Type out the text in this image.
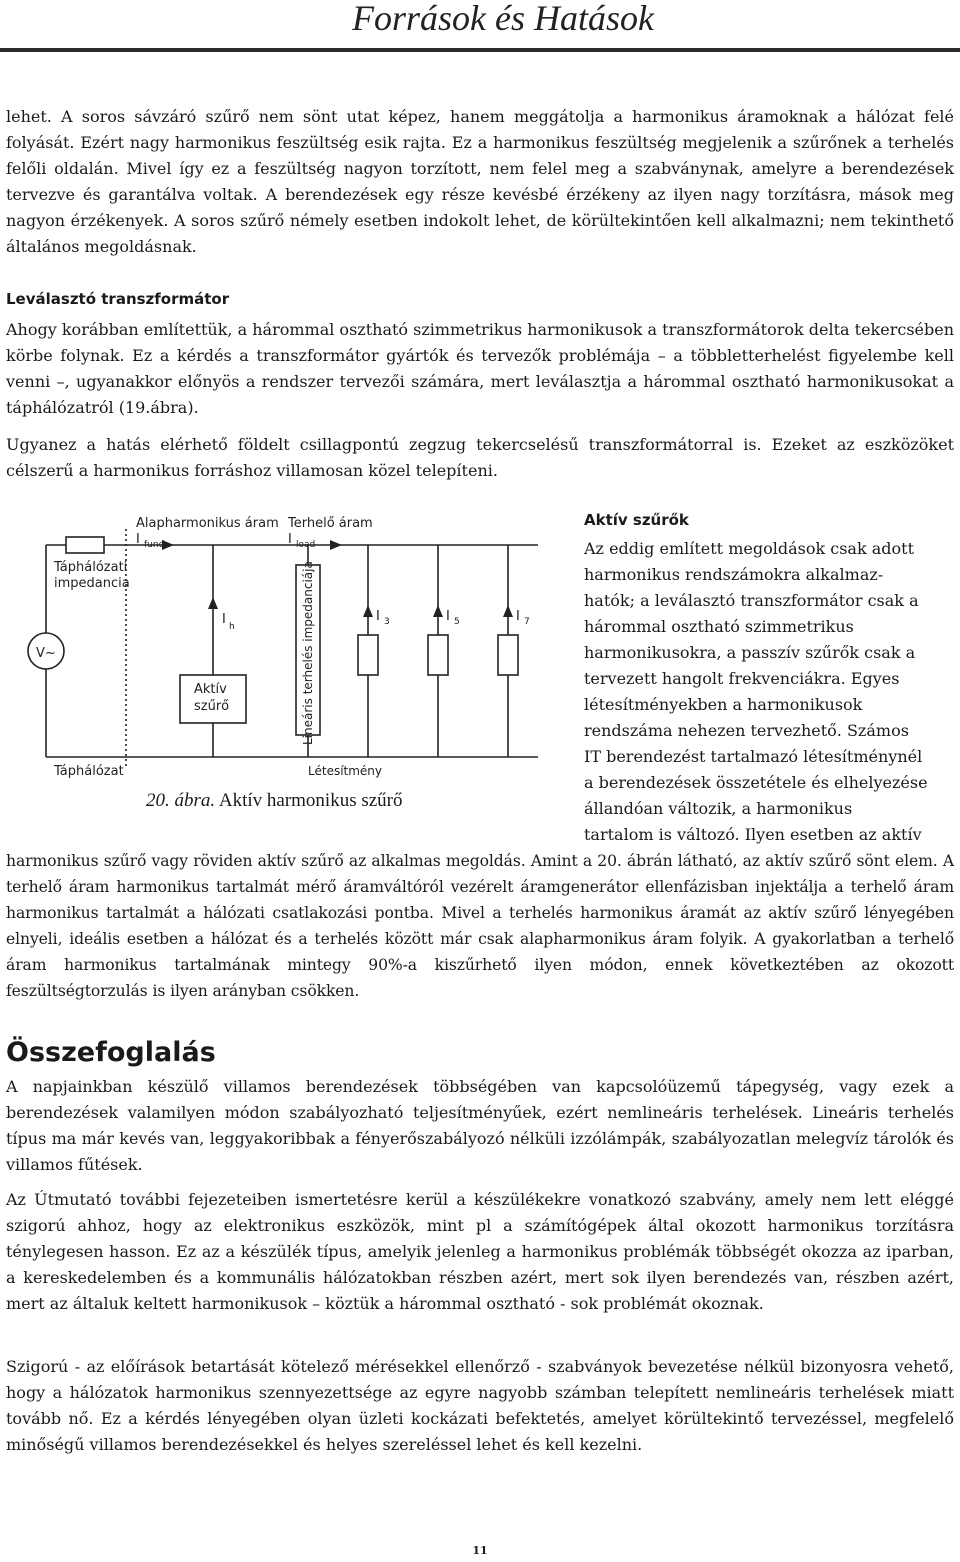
Források és Hatások

lehet. A soros sávzáró szűrő nem sönt utat képez, hanem meggátolja a harmonikus áramoknak a hálózat felé folyását. Ezért nagy harmonikus feszültség esik rajta. Ez a harmonikus feszültség megjelenik a szűrőnek a terhelés felőli oldalán. Mivel így ez a feszültség nagyon torzított, nem felel meg a szabványnak, amelyre a berendezések tervezve és garantálva voltak. A berendezések egy része kevésbé érzékeny az ilyen nagy torzításra, mások meg nagyon érzékenyek. A soros szűrő némely esetben indokolt lehet, de körültekintően kell alkalmazni; nem tekinthető általános megoldásnak.

Leválasztó transzformátor

Ahogy korábban említettük, a hárommal osztható szimmetrikus harmonikusok a transzformátorok delta tekercsében körbe folynak. Ez a kérdés a transzformátor gyártók és tervezők problémája – a többletterhelést figyelembe kell venni –, ugyanakkor előnyös a rendszer tervezői számára, mert leválasztja a hárommal osztható harmonikusokat a táphálózatról (19.ábra).

Ugyanez a hatás elérhető földelt csillagpontú zegzug tekercselésű transzformátorral is. Ezeket az eszközöket célszerű a harmonikus forráshoz villamosan közel telepíteni.

Alapharmonikus áram Terhelő áram
I fund	I load
Táphálózati
impedancia
V~
I h
Aktív
szűrő	Lineáris terhelés impedanciája	I 3	I 5	I 7
Táphálózat	Létesítmény
20. ábra. Aktív harmonikus szűrő
Aktív szűrők
Az eddig említett megoldások csak adott
harmonikus rendszámokra alkalmaz-
hatók; a leválasztó transzformátor csak a
hárommal osztható szimmetrikus
harmonikusokra, a passzív szűrők csak a
tervezett hangolt frekvenciákra. Egyes
létesítményekben a harmonikusok
rendszáma nehezen tervezhető. Számos
IT berendezést tartalmazó létesítménynél
a berendezések összetétele és elhelyezése
állandóan változik, a harmonikus
tartalom is változó. Ilyen esetben az aktív

harmonikus szűrő vagy röviden aktív szűrő az alkalmas megoldás. Amint a 20. ábrán látható, az aktív szűrő sönt elem. A terhelő áram harmonikus tartalmát mérő áramváltóról vezérelt áramgenerátor ellenfázisban injektálja a terhelő áram harmonikus tartalmát a hálózati csatlakozási pontba. Mivel a terhelés harmonikus áramát az aktív szűrő lényegében elnyeli, ideális esetben a hálózat és a terhelés között már csak alapharmonikus áram folyik. A gyakorlatban a terhelő áram harmonikus tartalmának mintegy 90%-a kiszűrhető ilyen módon, ennek következtében az okozott feszültségtorzulás is ilyen arányban csökken.

Összefoglalás

A napjainkban készülő villamos berendezések többségében van kapcsolóüzemű tápegység, vagy ezek a berendezések valamilyen módon szabályozható teljesítményűek, ezért nemlineáris terhelések. Lineáris terhelés típus ma már kevés van, leggyakoribbak a fényerőszabályozó nélküli izzólámpák, szabályozatlan melegvíz tárolók és villamos fűtések.

Az Útmutató további fejezeteiben ismertetésre kerül a készülékekre vonatkozó szabvány, amely nem lett eléggé szigorú ahhoz, hogy az elektronikus eszközök, mint pl a számítógépek által okozott harmonikus torzításra ténylegesen hasson. Ez az a készülék típus, amelyik jelenleg a harmonikus problémák többségét okozza az iparban, a kereskedelemben és a kommunális hálózatokban részben azért, mert sok ilyen berendezés van, részben azért, mert az általuk keltett harmonikusok – köztük a hárommal osztható - sok problémát okoznak.

Szigorú - az előírások betartását kötelező mérésekkel ellenőrző - szabványok bevezetése nélkül bizonyosra vehető, hogy a hálózatok harmonikus szennyezettsége az egyre nagyobb számban telepített nemlineáris terhelések miatt tovább nő. Ez a kérdés lényegében olyan üzleti kockázati befektetés, amelyet körültekintő tervezéssel, megfelelő minőségű villamos berendezésekkel és helyes szereléssel lehet és kell kezelni.

11
